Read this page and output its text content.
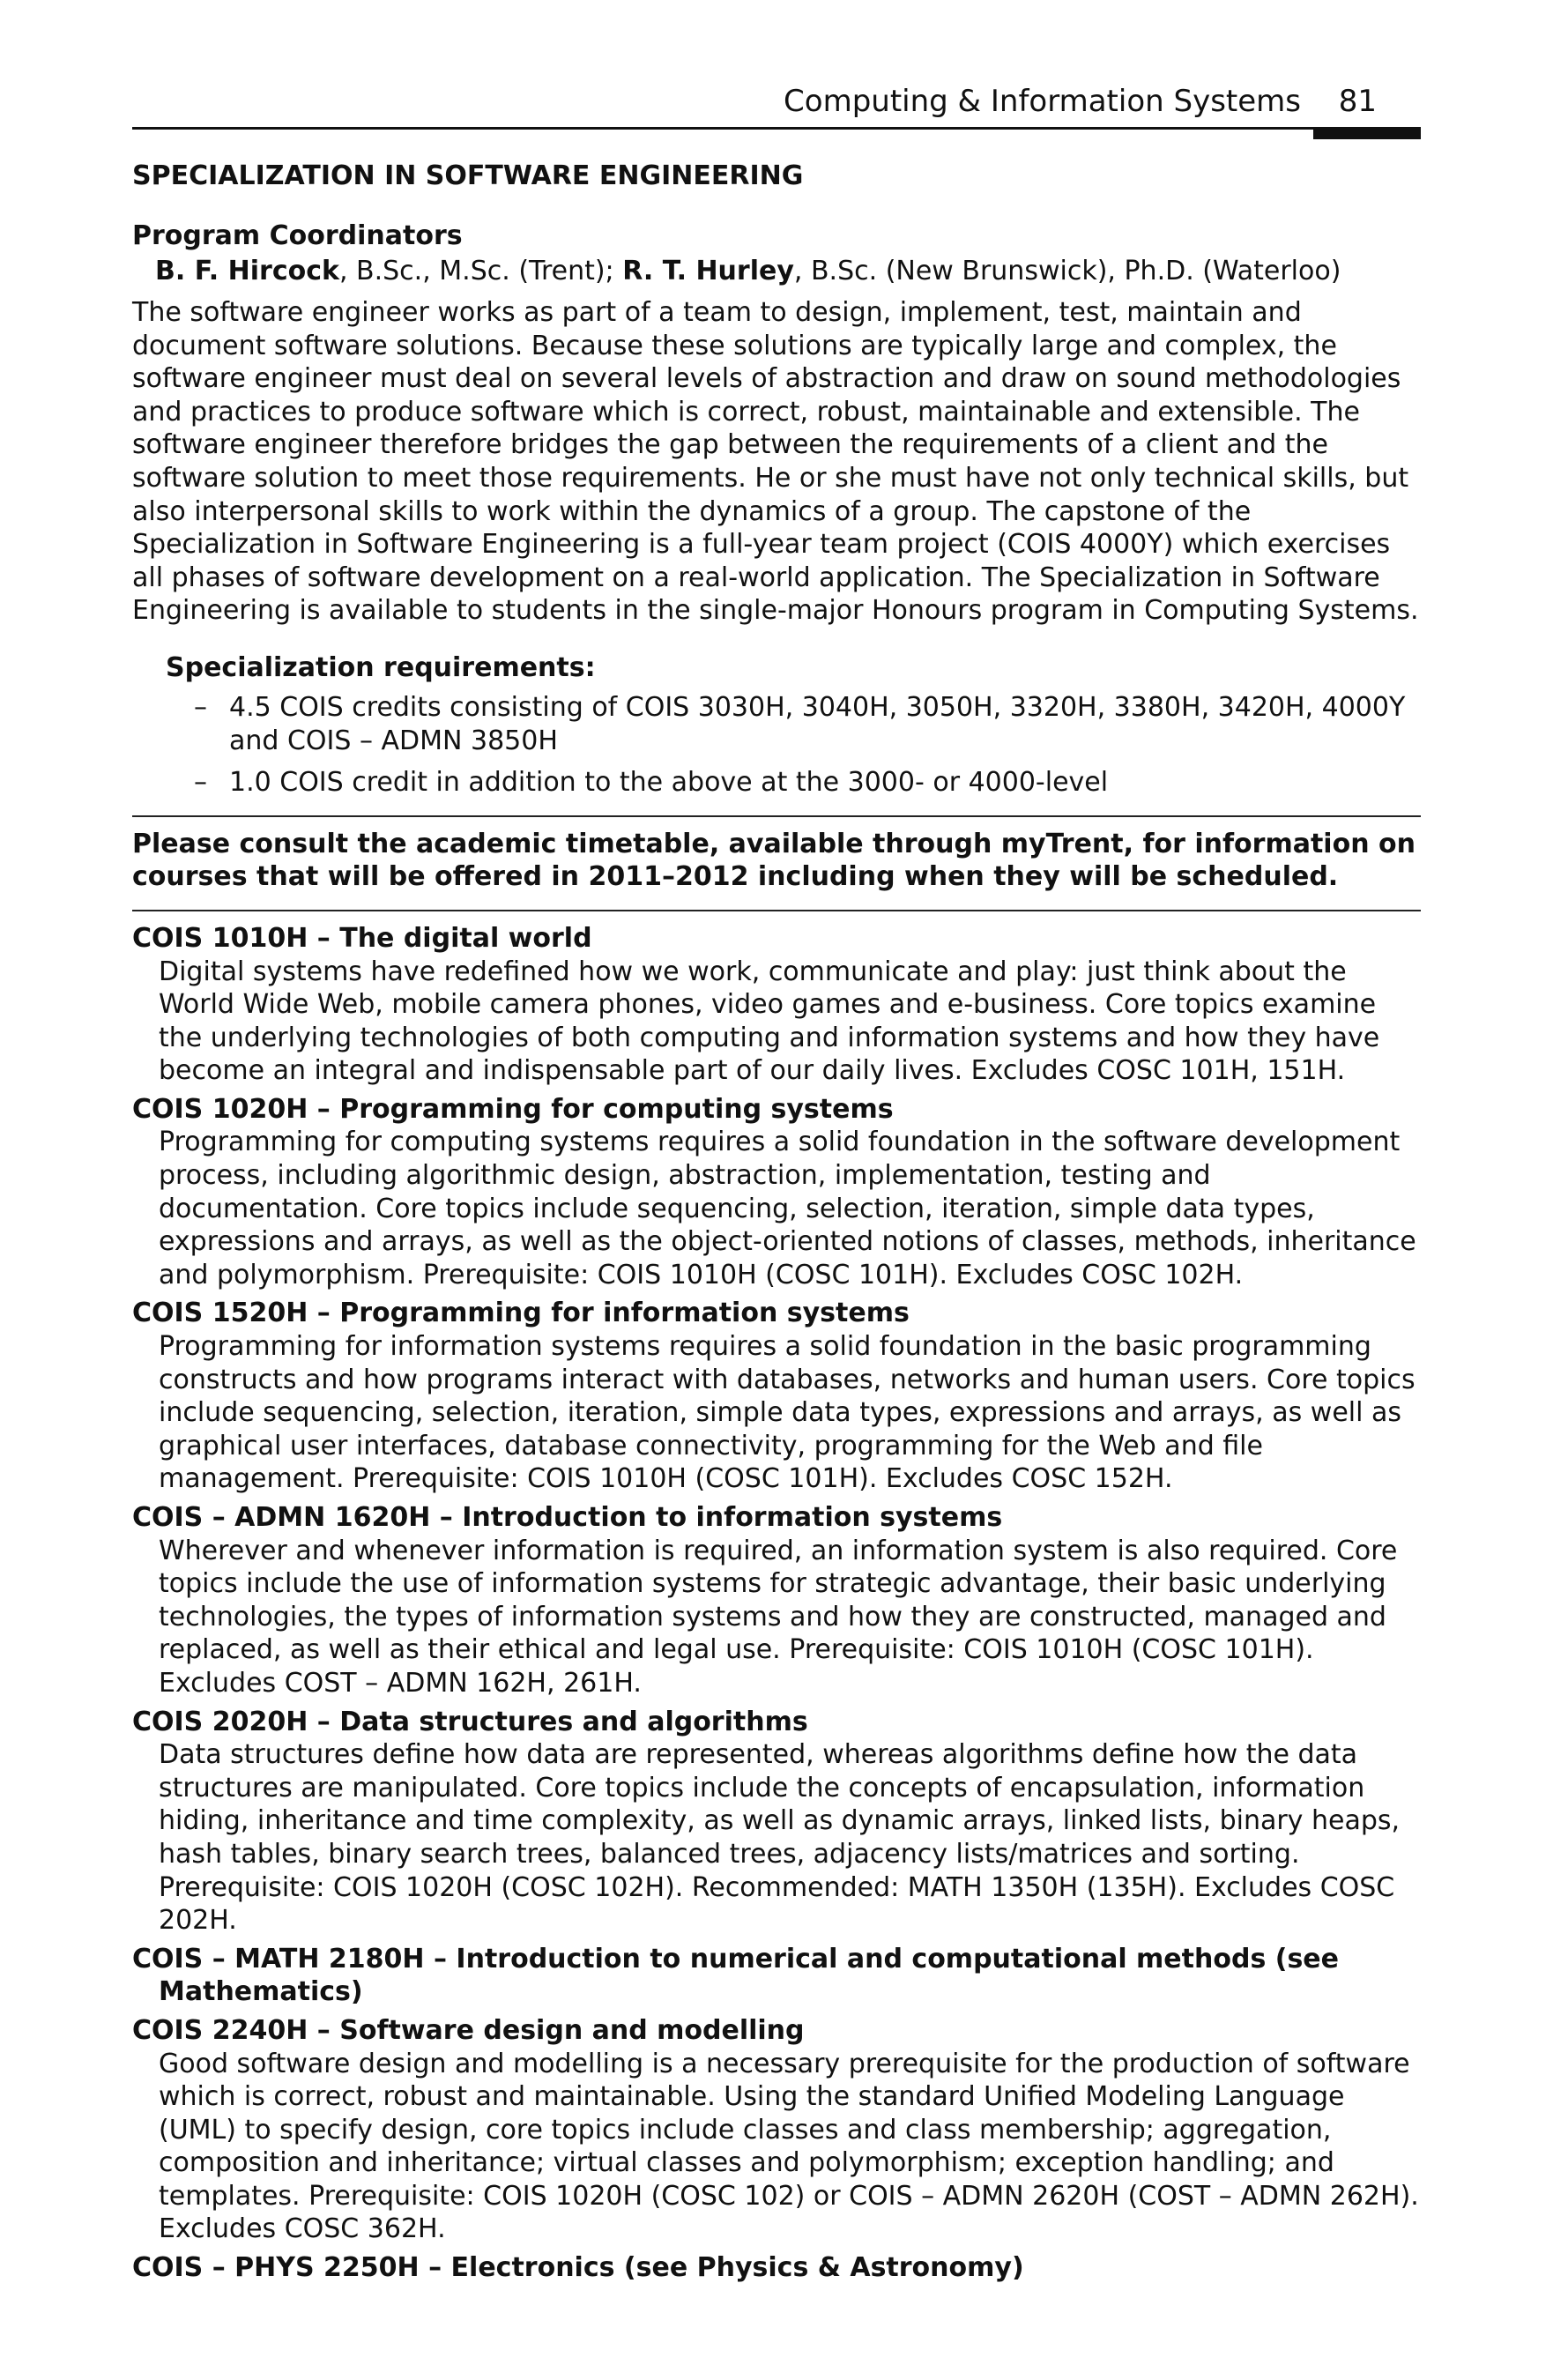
Computing & Information Systems 81
SPECIALIZATION IN SOFTWARE ENGINEERING
Program Coordinators
B. F. Hircock, B.Sc., M.Sc. (Trent); R. T. Hurley, B.Sc. (New Brunswick), Ph.D. (Waterloo)
The software engineer works as part of a team to design, implement, test, maintain and document software solutions. Because these solutions are typically large and complex, the software engineer must deal on several levels of abstraction and draw on sound methodologies and practices to produce software which is correct, robust, maintainable and extensible. The software engineer therefore bridges the gap between the requirements of a client and the software solution to meet those requirements. He or she must have not only technical skills, but also interpersonal skills to work within the dynamics of a group. The capstone of the Specialization in Software Engineering is a full-year team project (COIS 4000Y) which exercises all phases of software development on a real-world application. The Specialization in Software Engineering is available to students in the single-major Honours program in Computing Systems.
Specialization requirements:
– 4.5 COIS credits consisting of COIS 3030H, 3040H, 3050H, 3320H, 3380H, 3420H, 4000Y and COIS – ADMN 3850H
– 1.0 COIS credit in addition to the above at the 3000- or 4000-level
Please consult the academic timetable, available through myTrent, for information on courses that will be offered in 2011–2012 including when they will be scheduled.
COIS 1010H – The digital world
Digital systems have redefined how we work, communicate and play: just think about the World Wide Web, mobile camera phones, video games and e-business. Core topics examine the underlying technologies of both computing and information systems and how they have become an integral and indispensable part of our daily lives. Excludes COSC 101H, 151H.
COIS 1020H – Programming for computing systems
Programming for computing systems requires a solid foundation in the software development process, including algorithmic design, abstraction, implementation, testing and documentation. Core topics include sequencing, selection, iteration, simple data types, expressions and arrays, as well as the object-oriented notions of classes, methods, inheritance and polymorphism. Prerequisite: COIS 1010H (COSC 101H). Excludes COSC 102H.
COIS 1520H – Programming for information systems
Programming for information systems requires a solid foundation in the basic programming constructs and how programs interact with databases, networks and human users. Core topics include sequencing, selection, iteration, simple data types, expressions and arrays, as well as graphical user interfaces, database connectivity, programming for the Web and file management. Prerequisite: COIS 1010H (COSC 101H). Excludes COSC 152H.
COIS – ADMN 1620H – Introduction to information systems
Wherever and whenever information is required, an information system is also required. Core topics include the use of information systems for strategic advantage, their basic underlying technologies, the types of information systems and how they are constructed, managed and replaced, as well as their ethical and legal use. Prerequisite: COIS 1010H (COSC 101H). Excludes COST – ADMN 162H, 261H.
COIS 2020H – Data structures and algorithms
Data structures define how data are represented, whereas algorithms define how the data structures are manipulated. Core topics include the concepts of encapsulation, information hiding, inheritance and time complexity, as well as dynamic arrays, linked lists, binary heaps, hash tables, binary search trees, balanced trees, adjacency lists/matrices and sorting. Prerequisite: COIS 1020H (COSC 102H). Recommended: MATH 1350H (135H). Excludes COSC 202H.
COIS – MATH 2180H – Introduction to numerical and computational methods (see
Mathematics)
COIS 2240H – Software design and modelling
Good software design and modelling is a necessary prerequisite for the production of software which is correct, robust and maintainable. Using the standard Unified Modeling Language (UML) to specify design, core topics include classes and class membership; aggregation, composition and inheritance; virtual classes and polymorphism; exception handling; and templates. Prerequisite: COIS 1020H (COSC 102) or COIS – ADMN 2620H (COST – ADMN 262H). Excludes COSC 362H.
COIS – PHYS 2250H – Electronics (see Physics & Astronomy)
